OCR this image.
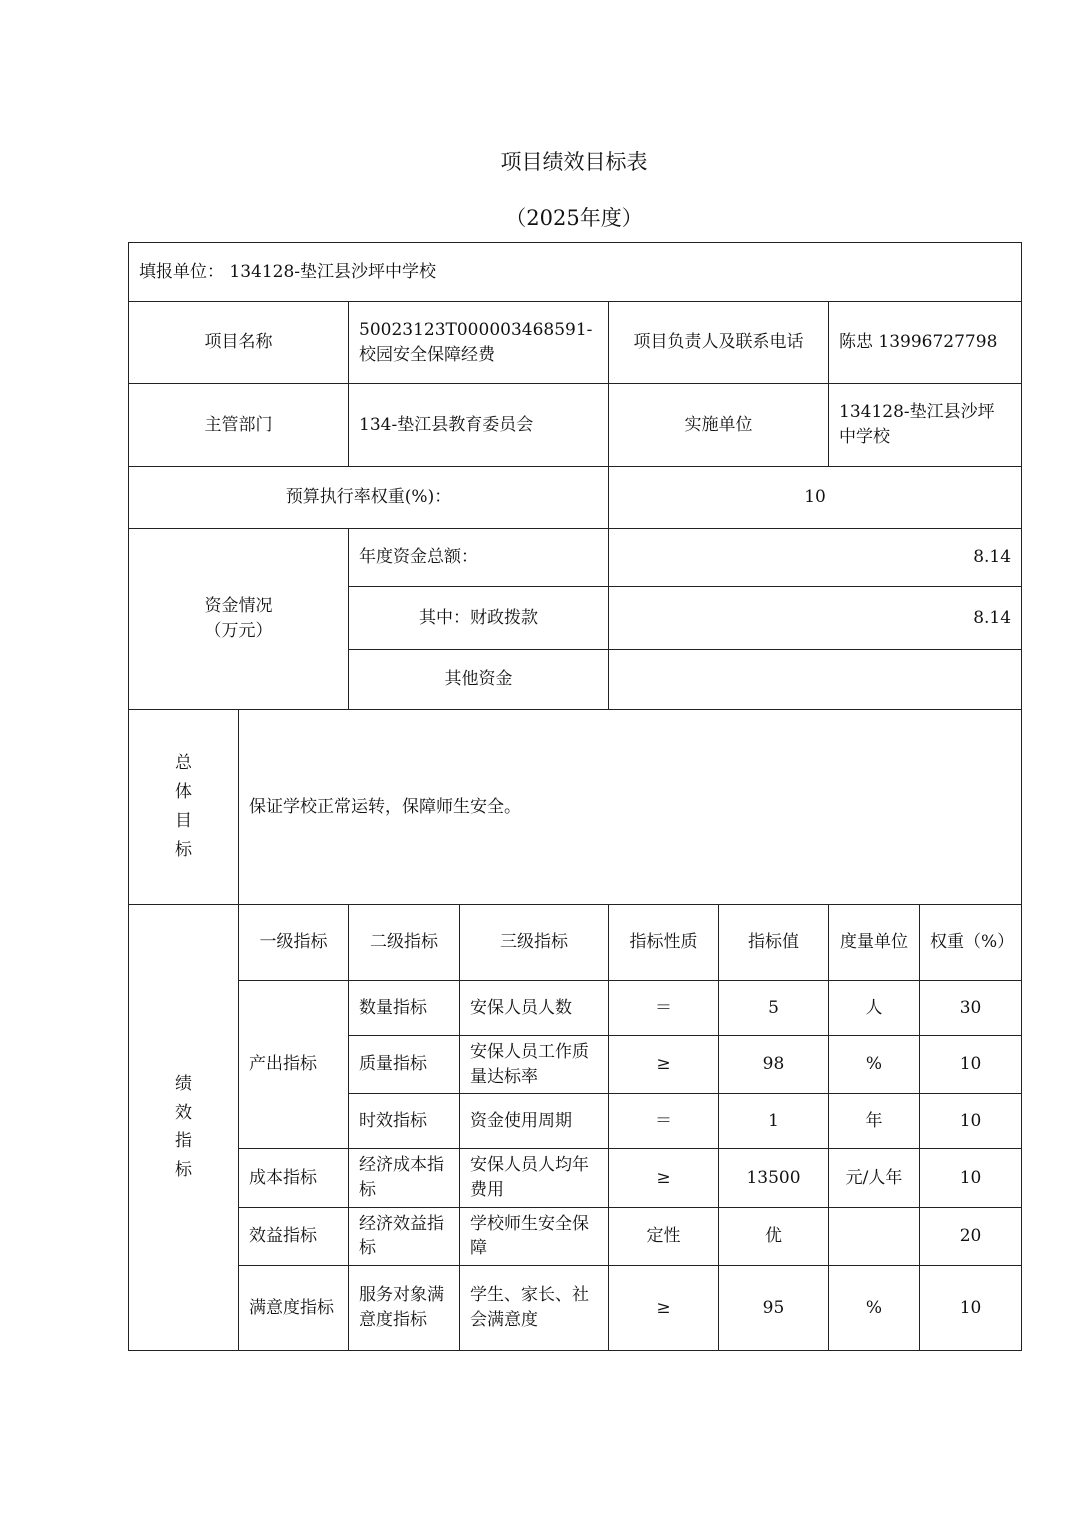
项目绩效目标表
（2025年度）
填报单位： 134128-垫江县沙坪中学校							
项目名称		50023123T000003468591-校园安全保障经费		项目负责人及联系电话		陈忠 13996727798	
主管部门		134-垫江县教育委员会		实施单位		134128-垫江县沙坪中学校	
预算执行率权重(%)：				10			
资金情况（万元）		年度资金总额：		8.14			
		其中：财政拨款		8.14			
		其他资金					
总体目标	保证学校正常运转，保障师生安全。						
绩效指标	一级指标	二级指标	三级指标	指标性质	指标值	度量单位	权重（%）
	产出指标	数量指标	安保人员人数	＝	5	人	30
		质量指标	安保人员工作质量达标率	≥	98	%	10
		时效指标	资金使用周期	＝	1	年	10
	成本指标	经济成本指标	安保人员人均年费用	≥	13500	元/人年	10
	效益指标	经济效益指标	学校师生安全保障	定性	优		20
	满意度指标	服务对象满意度指标	学生、家长、社会满意度	≥	95	%	10
